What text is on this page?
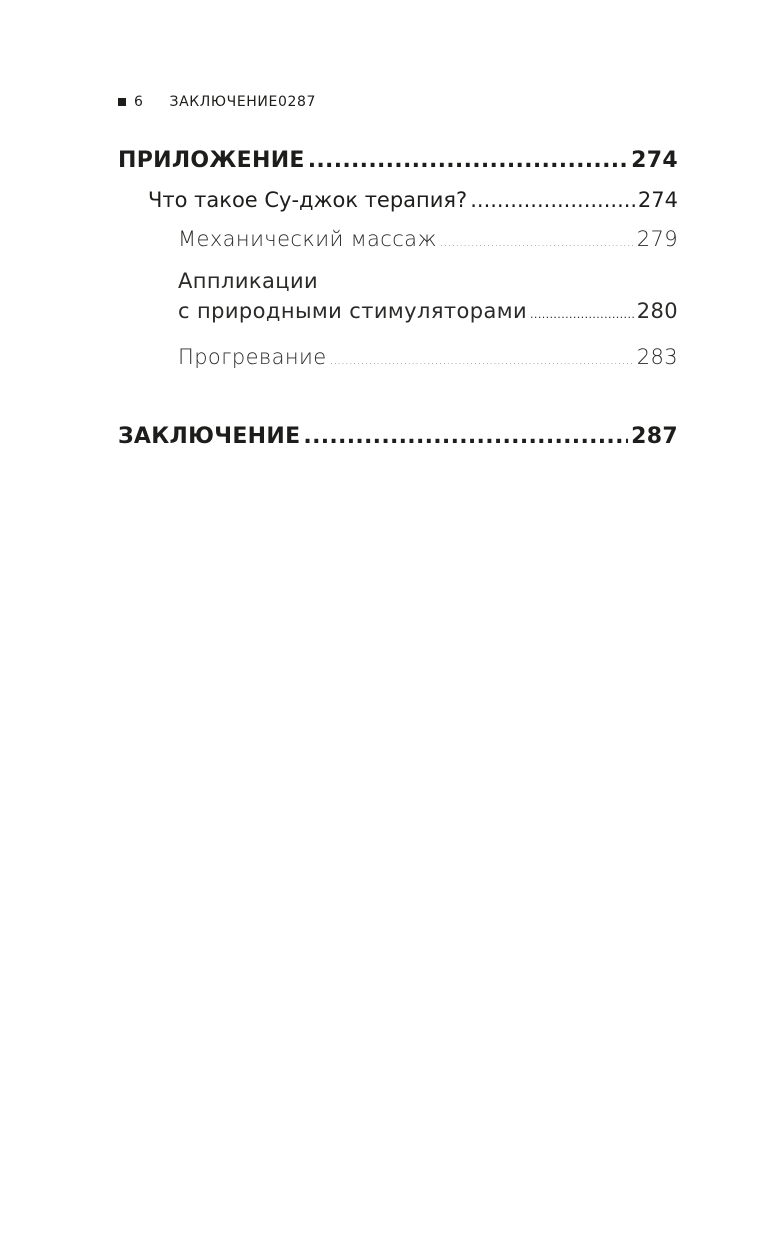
6 ЗАКЛЮЧЕНИЕ0287
ПРИЛОЖЕНИЕ .....	274
Что такое Су-джок терапия? .....	274
Механический массаж .....	279
Аппликации
с природными стимуляторами .....	280
Прогревание .....	283
ЗАКЛЮЧЕНИЕ .....	287
